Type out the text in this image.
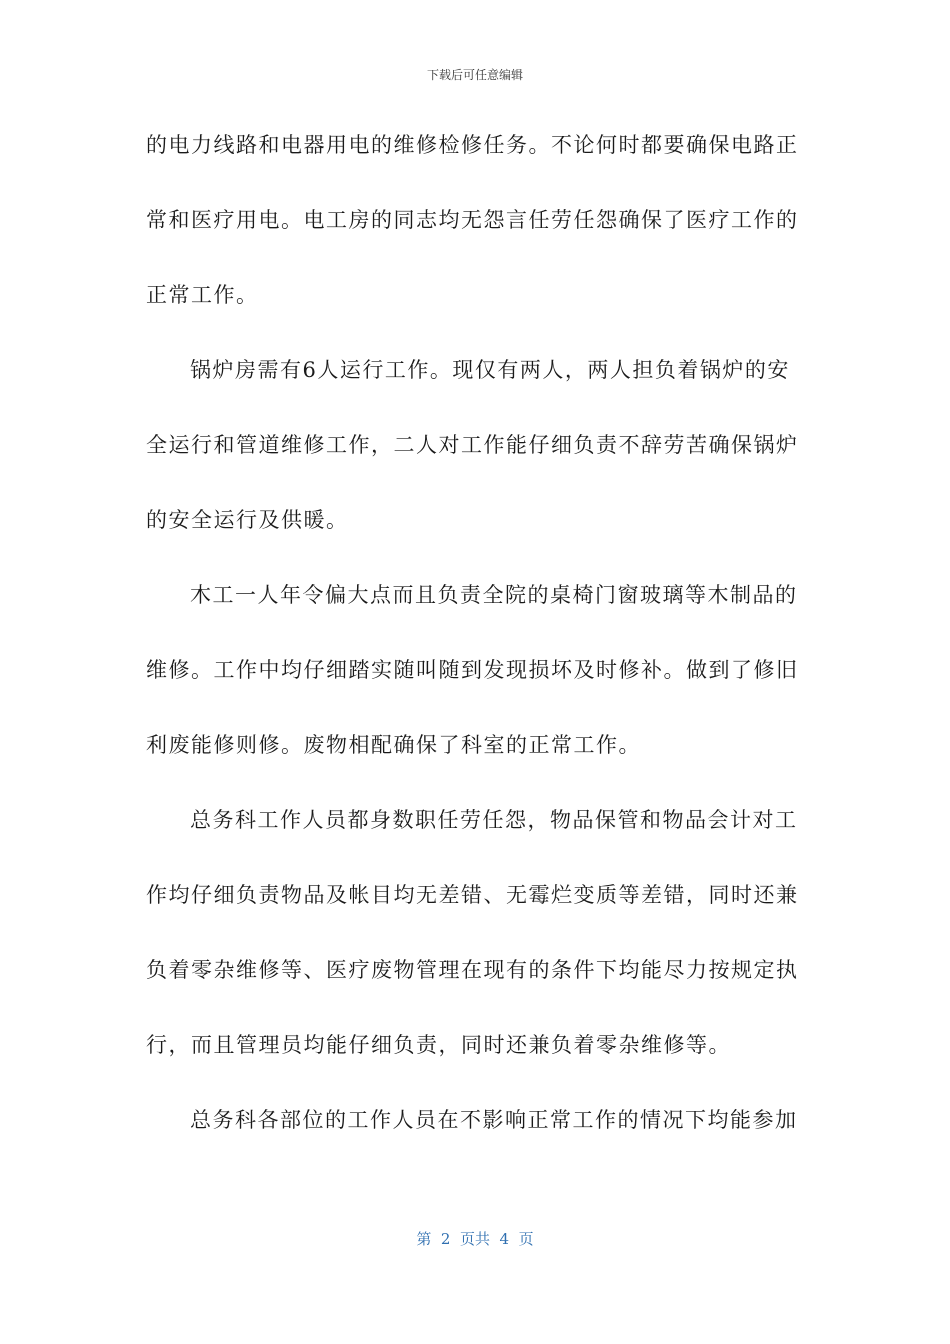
下载后可任意编辑
的电力线路和电器用电的维修检修任务。不论何时都要确保电路正
常和医疗用电。电工房的同志均无怨言任劳任怨确保了医疗工作的
正常工作。
锅炉房需有6人运行工作。现仅有两人，两人担负着锅炉的安
全运行和管道维修工作，二人对工作能仔细负责不辞劳苦确保锅炉
的安全运行及供暖。
木工一人年令偏大点而且负责全院的桌椅门窗玻璃等木制品的
维修。工作中均仔细踏实随叫随到发现损坏及时修补。做到了修旧
利废能修则修。废物相配确保了科室的正常工作。
总务科工作人员都身数职任劳任怨，物品保管和物品会计对工
作均仔细负责物品及帐目均无差错、无霉烂变质等差错，同时还兼
负着零杂维修等、医疗废物管理在现有的条件下均能尽力按规定执
行，而且管理员均能仔细负责，同时还兼负着零杂维修等。
总务科各部位的工作人员在不影响正常工作的情况下均能参加
第  2  页共  4  页
